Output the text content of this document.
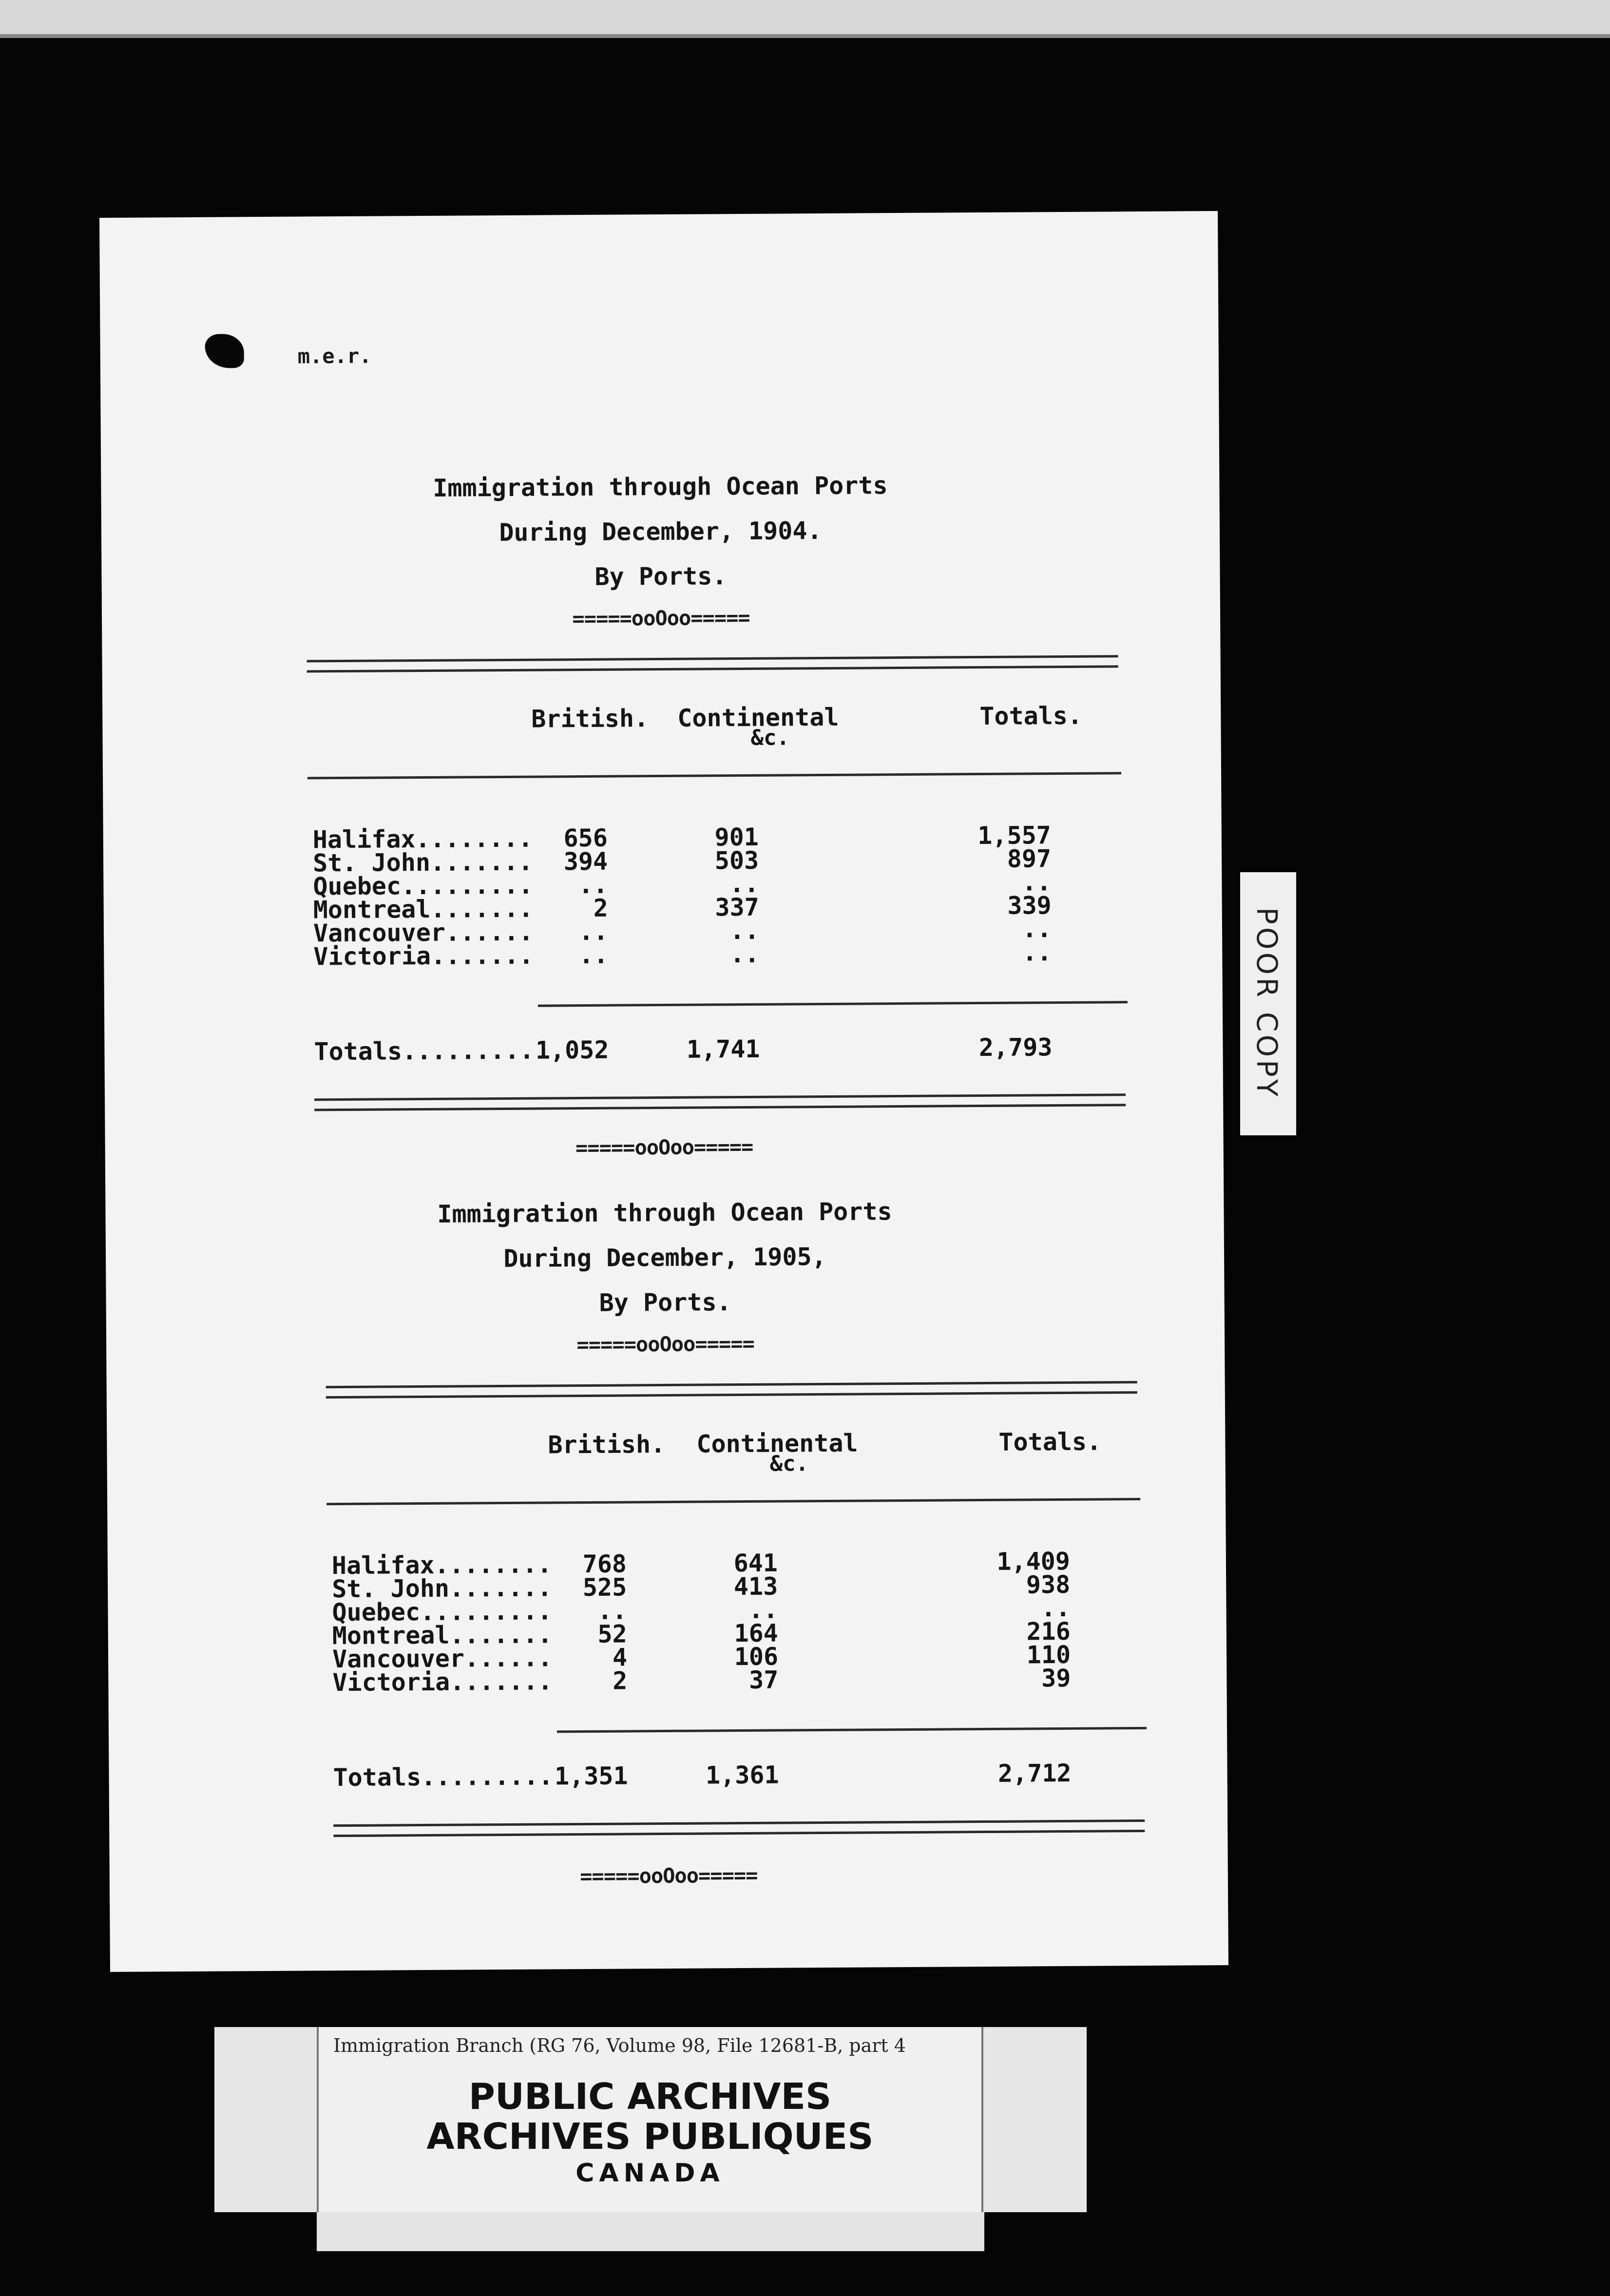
m.e.r.
Immigration through Ocean Ports
During December, 1904.
By Ports.
=====ooOoo=====
British. Continental
&c.
Totals.
Halifax........	656	901	1,557
St. John.......	394	503	897
Quebec.........	..	..	..
Montreal.......	2	337	339
Vancouver......	..	..	..
Victoria.......	..	..	..
Totals......... 1,052	1,741	2,793
=====ooOoo=====
Immigration through Ocean Ports
During December, 1905,
By Ports.
=====ooOoo=====
British. Continental
&c.
Totals.
Halifax........	768	641	1,409
St. John.......	525	413	938
Quebec.........	..	..	..
Montreal.......	52	164	216
Vancouver......	4	106	110
Victoria.......	2	37	39
Totals......... 1,351	1,361	2,712
=====ooOoo=====
POOR COPY
Immigration Branch (RG 76, Volume 98, File 12681-B, part 4
PUBLIC ARCHIVES
ARCHIVES PUBLIQUES
CANADA
